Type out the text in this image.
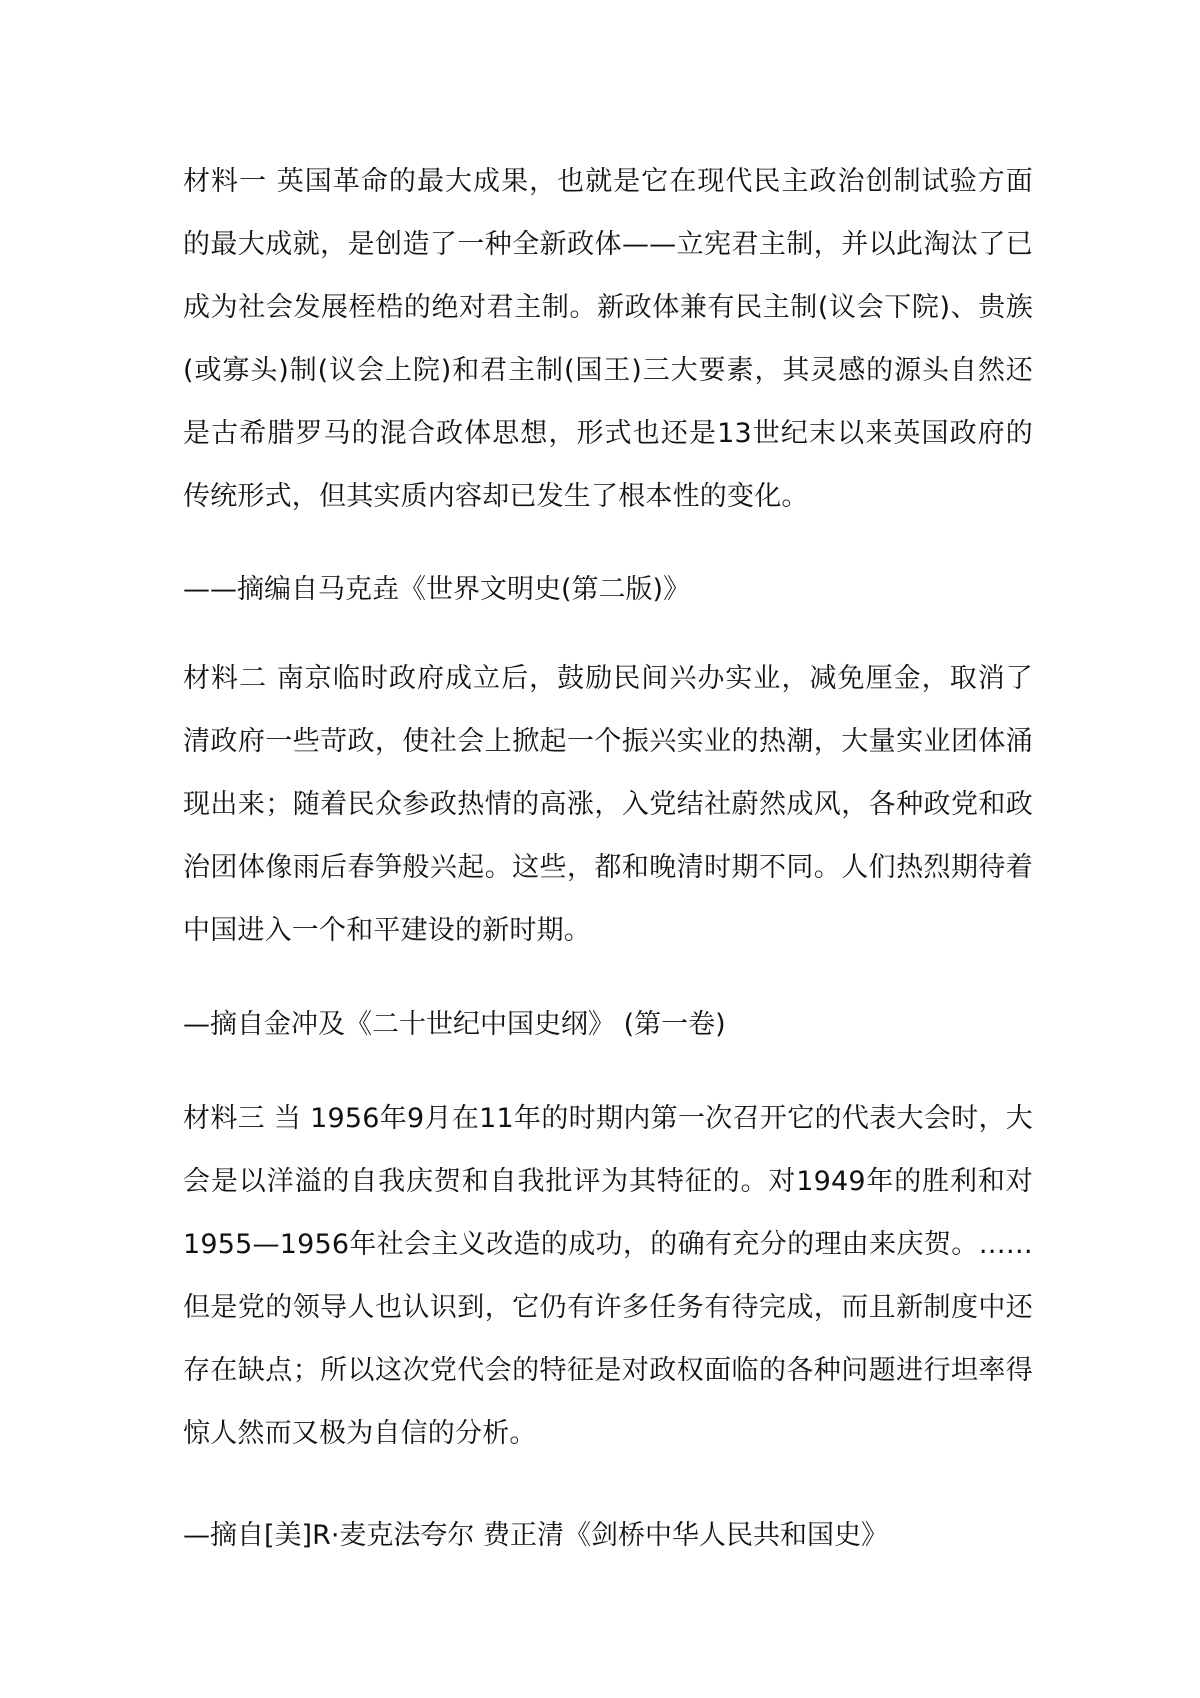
材料一 英国革命的最大成果，也就是它在现代民主政治创制试验方面的最大成就，是创造了一种全新政体——立宪君主制，并以此淘汰了已成为社会发展桎梏的绝对君主制。新政体兼有民主制(议会下院)、贵族(或寡头)制(议会上院)和君主制(国王)三大要素，其灵感的源头自然还是古希腊罗马的混合政体思想，形式也还是13世纪末以来英国政府的传统形式，但其实质内容却已发生了根本性的变化。

——摘编自马克垚《世界文明史(第二版)》

材料二 南京临时政府成立后，鼓励民间兴办实业，减免厘金，取消了清政府一些苛政，使社会上掀起一个振兴实业的热潮，大量实业团体涌现出来；随着民众参政热情的高涨，入党结社蔚然成风，各种政党和政治团体像雨后春笋般兴起。这些，都和晚清时期不同。人们热烈期待着中国进入一个和平建设的新时期。

—摘自金冲及《二十世纪中国史纲》 (第一卷)

材料三 当 1956年9月在11年的时期内第一次召开它的代表大会时，大会是以洋溢的自我庆贺和自我批评为其特征的。对1949年的胜利和对1955—1956年社会主义改造的成功，的确有充分的理由来庆贺。……但是党的领导人也认识到，它仍有许多任务有待完成，而且新制度中还存在缺点；所以这次党代会的特征是对政权面临的各种问题进行坦率得惊人然而又极为自信的分析。

—摘自[美]R·麦克法夸尔 费正清《剑桥中华人民共和国史》
